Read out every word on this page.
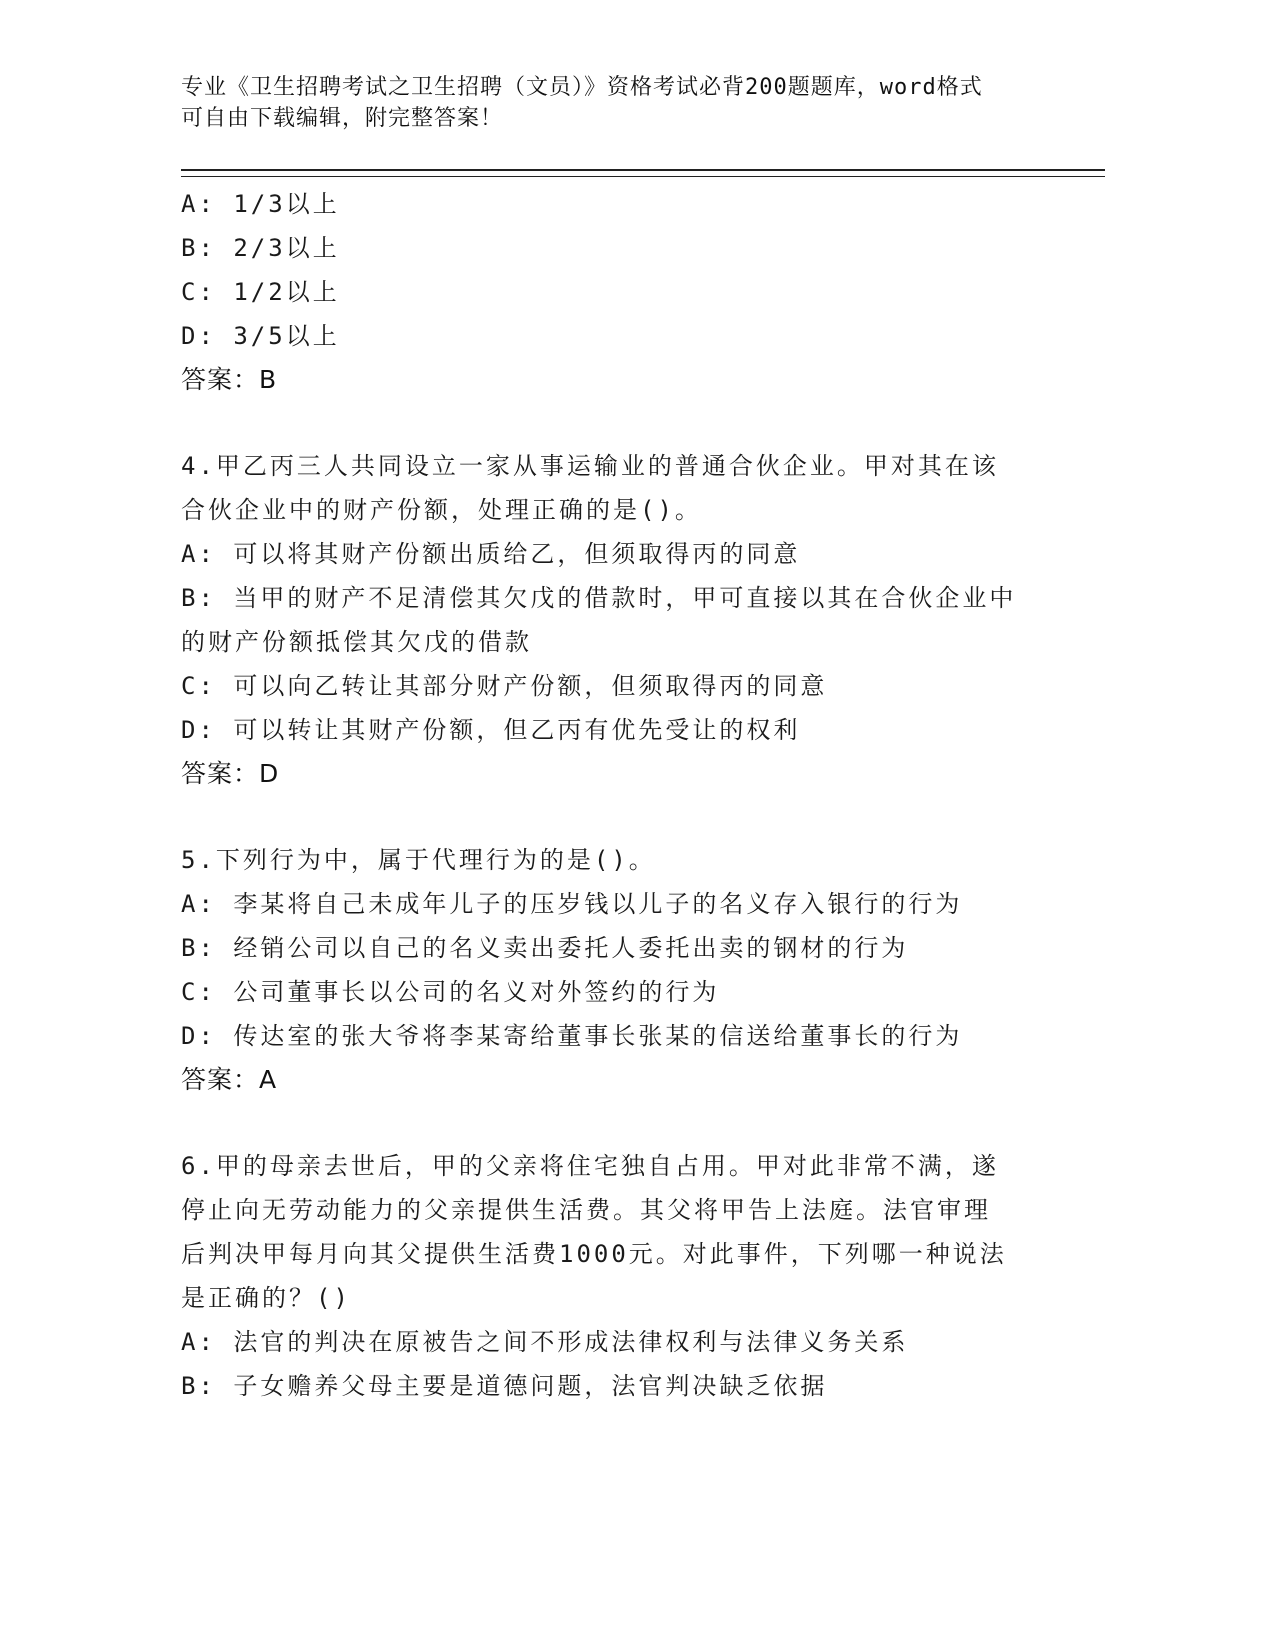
专业《卫生招聘考试之卫生招聘（文员）》资格考试必背200题题库，word格式
可自由下载编辑，附完整答案！
A: 1/3以上
B: 2/3以上
C: 1/2以上
D: 3/5以上
答案：B
4.甲乙丙三人共同设立一家从事运输业的普通合伙企业。甲对其在该
合伙企业中的财产份额，处理正确的是()。
A: 可以将其财产份额出质给乙，但须取得丙的同意
B: 当甲的财产不足清偿其欠戊的借款时，甲可直接以其在合伙企业中
的财产份额抵偿其欠戊的借款
C: 可以向乙转让其部分财产份额，但须取得丙的同意
D: 可以转让其财产份额，但乙丙有优先受让的权利
答案：D
5.下列行为中，属于代理行为的是()。
A: 李某将自己未成年儿子的压岁钱以儿子的名义存入银行的行为
B: 经销公司以自己的名义卖出委托人委托出卖的钢材的行为
C: 公司董事长以公司的名义对外签约的行为
D: 传达室的张大爷将李某寄给董事长张某的信送给董事长的行为
答案：A
6.甲的母亲去世后，甲的父亲将住宅独自占用。甲对此非常不满，遂
停止向无劳动能力的父亲提供生活费。其父将甲告上法庭。法官审理
后判决甲每月向其父提供生活费1000元。对此事件，下列哪一种说法
是正确的？()
A: 法官的判决在原被告之间不形成法律权利与法律义务关系
B: 子女赡养父母主要是道德问题，法官判决缺乏依据
